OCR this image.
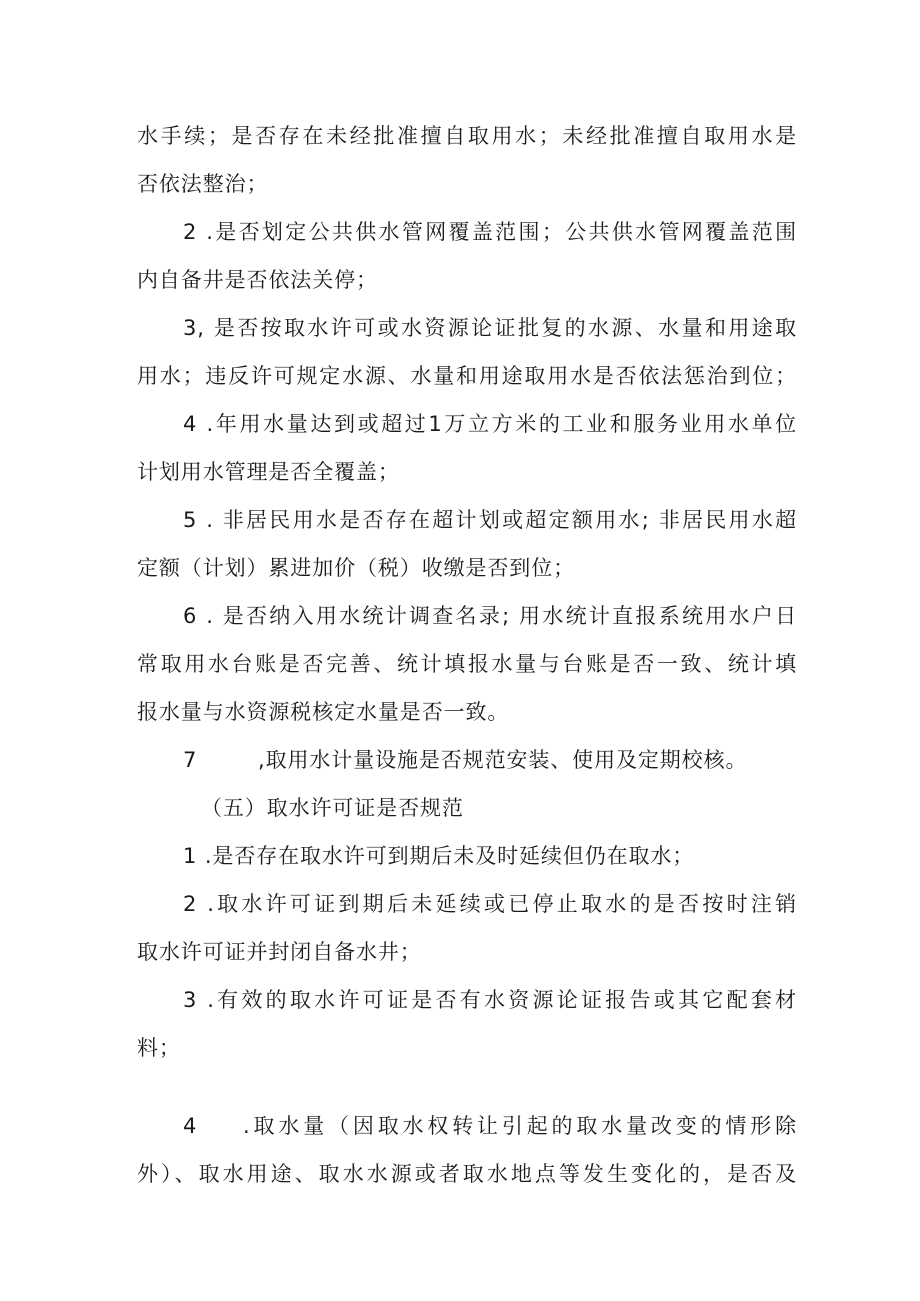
水手续；是否存在未经批准擅自取用水；未经批准擅自取用水是
否依法整治；
2 .是否划定公共供水管网覆盖范围；公共供水管网覆盖范围
内自备井是否依法关停；
3, 是否按取水许可或水资源论证批复的水源、水量和用途取
用水；违反许可规定水源、水量和用途取用水是否依法惩治到位；
4 .年用水量达到或超过1万立方米的工业和服务业用水单位
计划用水管理是否全覆盖；
5 . 非居民用水是否存在超计划或超定额用水; 非居民用水超
定额（计划）累进加价（税）收缴是否到位；
6 . 是否纳入用水统计调查名录; 用水统计直报系统用水户日
常取用水台账是否完善、统计填报水量与台账是否一致、统计填
报水量与水资源税核定水量是否一致。
7	,取用水计量设施是否规范安装、使用及定期校核。
（五）取水许可证是否规范
1 .是否存在取水许可到期后未及时延续但仍在取水；
2 .取水许可证到期后未延续或已停止取水的是否按时注销
取水许可证并封闭自备水井；
3 .有效的取水许可证是否有水资源论证报告或其它配套材
料；
4	.取水量（因取水权转让引起的取水量改变的情形除
外）、取水用途、取水水源或者取水地点等发生变化的，是否及
